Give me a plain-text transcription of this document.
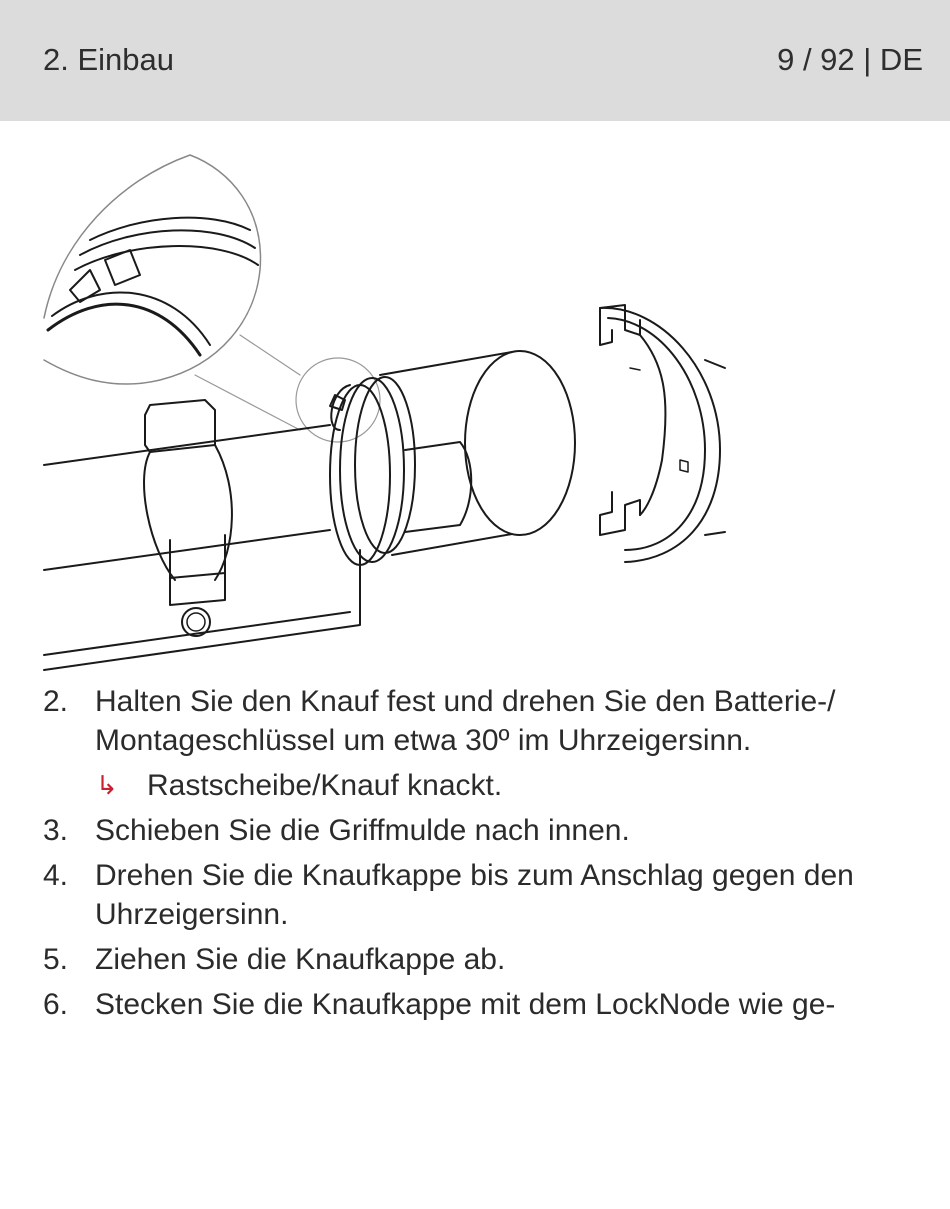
2. Einbau	9 / 92 | DE
2. Halten Sie den Knauf fest und drehen Sie den Batterie-/ Montageschlüssel um etwa 30º im Uhrzeigersinn.
↳ Rastscheibe/Knauf knackt.
3. Schieben Sie die Griffmulde nach innen.
4. Drehen Sie die Knaufkappe bis zum Anschlag gegen den Uhrzeigersinn.
5. Ziehen Sie die Knaufkappe ab.
6. Stecken Sie die Knaufkappe mit dem LockNode wie ge-
